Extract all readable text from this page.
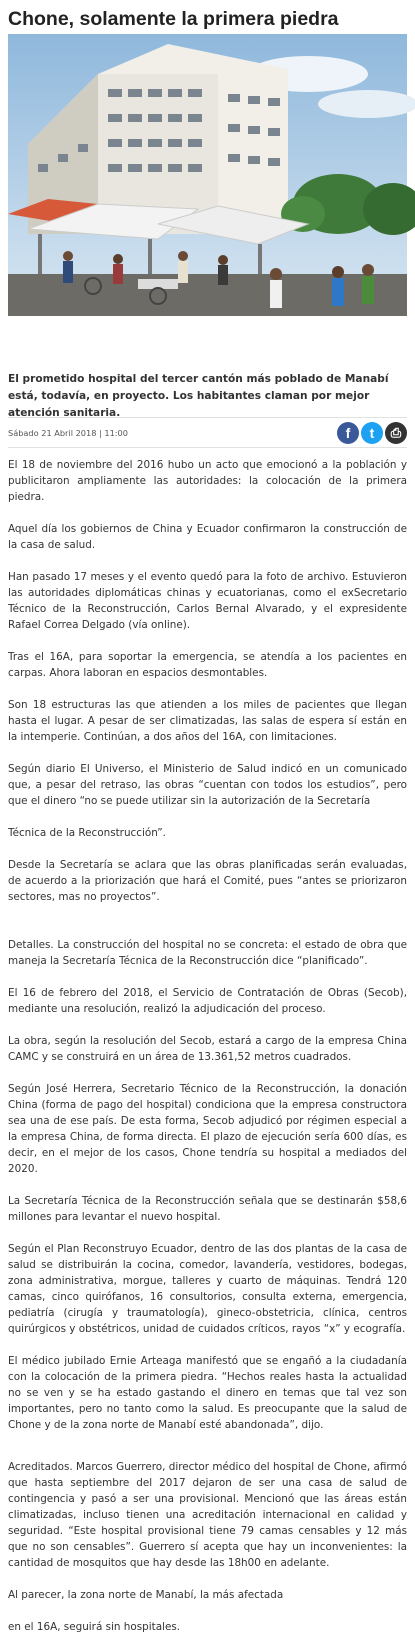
Chone, solamente la primera piedra

El prometido hospital del tercer cantón más poblado de Manabí está, todavía, en proyecto. Los habitantes claman por mejor atención sanitaria.

Sábado 21 Abril 2018 | 11:00	f t ⎙

El 18 de noviembre del 2016 hubo un acto que emocionó a la población y publicitaron ampliamente las autoridades: la colocación de la primera piedra.

Aquel día los gobiernos de China y Ecuador confirmaron la construcción de la casa de salud.

Han pasado 17 meses y el evento quedó para la foto de archivo. Estuvieron las autoridades diplomáticas chinas y ecuatorianas, como el exSecretario Técnico de la Reconstrucción, Carlos Bernal Alvarado, y el expresidente Rafael Correa Delgado (vía online).

Tras el 16A, para soportar la emergencia, se atendía a los pacientes en carpas. Ahora laboran en espacios desmontables.

Son 18 estructuras las que atienden a los miles de pacientes que llegan hasta el lugar. A pesar de ser climatizadas, las salas de espera sí están en la intemperie. Continúan, a dos años del 16A, con limitaciones.

Según diario El Universo, el Ministerio de Salud indicó en un comunicado que, a pesar del retraso, las obras “cuentan con todos los estudios”, pero que el dinero “no se puede utilizar sin la autorización de la Secretaría

Técnica de la Reconstrucción”.

Desde la Secretaría se aclara que las obras planificadas serán evaluadas, de acuerdo a la priorización que hará el Comité, pues “antes se priorizaron sectores, mas no proyectos”.

Detalles. La construcción del hospital no se concreta: el estado de obra que maneja la Secretaría Técnica de la Reconstrucción dice “planificado”.

El 16 de febrero del 2018, el Servicio de Contratación de Obras (Secob), mediante una resolución, realizó la adjudicación del proceso.

La obra, según la resolución del Secob, estará a cargo de la empresa China CAMC y se construirá en un área de 13.361,52 metros cuadrados.

Según José Herrera, Secretario Técnico de la Reconstrucción, la donación China (forma de pago del hospital) condiciona que la empresa constructora sea una de ese país. De esta forma, Secob adjudicó por régimen especial a la empresa China, de forma directa. El plazo de ejecución sería 600 días, es decir, en el mejor de los casos, Chone tendría su hospital a mediados del 2020.

La Secretaría Técnica de la Reconstrucción señala que se destinarán $58,6 millones para levantar el nuevo hospital.

Según el Plan Reconstruyo Ecuador, dentro de las dos plantas de la casa de salud se distribuirán la cocina, comedor, lavandería, vestidores, bodegas, zona administrativa, morgue, talleres y cuarto de máquinas. Tendrá 120 camas, cinco quirófanos, 16 consultorios, consulta externa, emergencia, pediatría (cirugía y traumatología), gineco-obstetricia, clínica, centros quirúrgicos y obstétricos, unidad de cuidados críticos, rayos “x” y ecografía.

El médico jubilado Ernie Arteaga manifestó que se engañó a la ciudadanía con la colocación de la primera piedra. “Hechos reales hasta la actualidad no se ven y se ha estado gastando el dinero en temas que tal vez son importantes, pero no tanto como la salud. Es preocupante que la salud de Chone y de la zona norte de Manabí esté abandonada”, dijo.

Acreditados. Marcos Guerrero, director médico del hospital de Chone, afirmó que hasta septiembre del 2017 dejaron de ser una casa de salud de contingencia y pasó a ser una provisional. Mencionó que las áreas están climatizadas, incluso tienen una acreditación internacional en calidad y seguridad. “Este hospital provisional tiene 79 camas censables y 12 más que no son censables”. Guerrero sí acepta que hay un inconvenientes: la cantidad de mosquitos que hay desde las 18h00 en adelante.

Al parecer, la zona norte de Manabí, la más afectada

en el 16A, seguirá sin hospitales.
